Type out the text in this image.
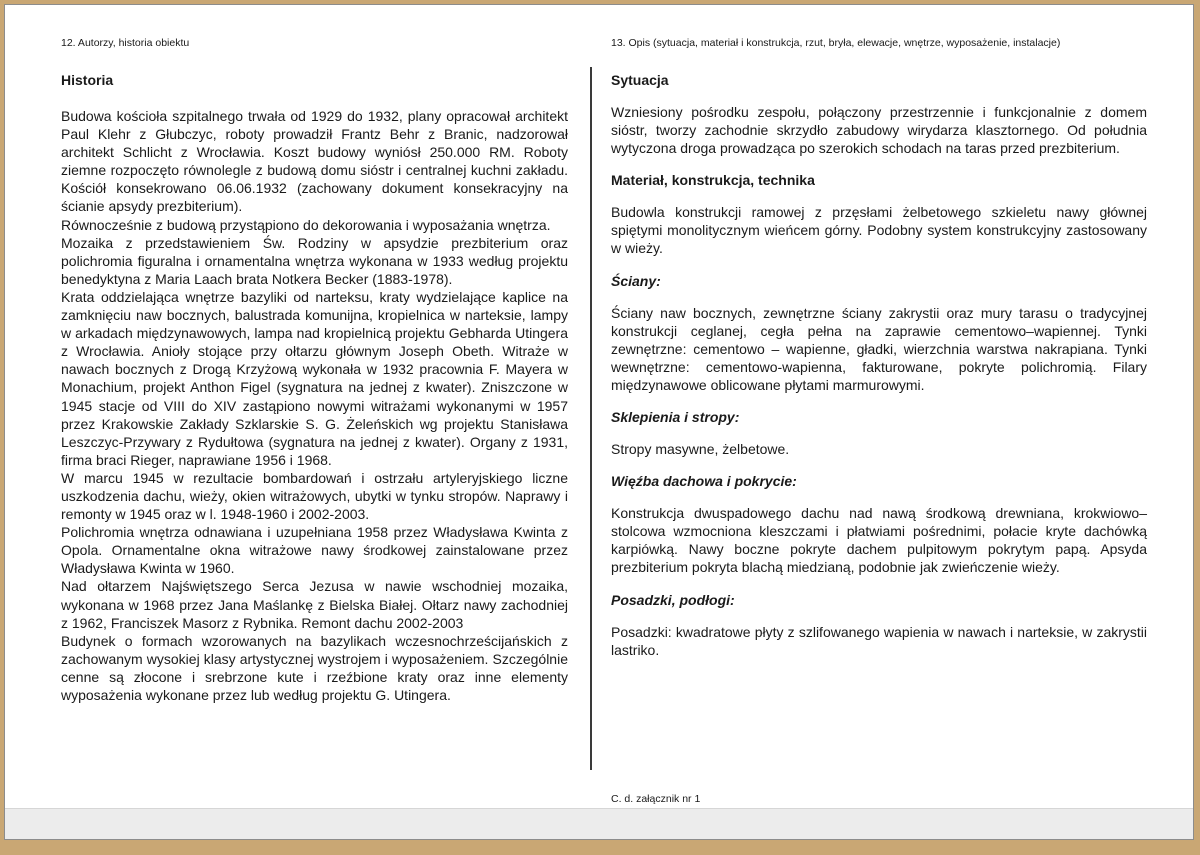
12. Autorzy, historia obiektu
Historia

Budowa kościoła szpitalnego trwała od 1929 do 1932, plany opracował architekt Paul Klehr z Głubczyc, roboty prowadził Frantz Behr z Branic, nadzorował architekt Schlicht z Wrocławia. Koszt budowy wyniósł 250.000 RM. Roboty ziemne rozpoczęto równolegle z budową domu sióstr i centralnej kuchni zakładu. Kościół konsekrowano 06.06.1932 (zachowany dokument konsekracyjny na ścianie apsydy prezbiterium).

Równocześnie z budową przystąpiono do dekorowania i wyposażania wnętrza.

Mozaika z przedstawieniem Św. Rodziny w apsydzie prezbiterium oraz polichromia figuralna i ornamentalna wnętrza wykonana w 1933 według projektu benedyktyna z Maria Laach brata Notkera Becker (1883-1978).

Krata oddzielająca wnętrze bazyliki od narteksu, kraty wydzielające kaplice na zamknięciu naw bocznych, balustrada komunijna, kropielnica w narteksie, lampy w arkadach międzynawowych, lampa nad kropielnicą projektu Gebharda Utingera z Wrocławia. Anioły stojące przy ołtarzu głównym Joseph Obeth. Witraże w nawach bocznych z Drogą Krzyżową wykonała w 1932 pracownia F. Mayera w Monachium, projekt Anthon Figel (sygnatura na jednej z kwater). Zniszczone w 1945 stacje od VIII do XIV zastąpiono nowymi witrażami wykonanymi w 1957 przez Krakowskie Zakłady Szklarskie S. G. Żeleńskich wg projektu Stanisława Leszczyc-Przywary z Rydułtowa (sygnatura na jednej z kwater). Organy z 1931, firma braci Rieger, naprawiane 1956 i 1968.

W marcu 1945 w rezultacie bombardowań i ostrzału artyleryjskiego liczne uszkodzenia dachu, wieży, okien witrażowych, ubytki w tynku stropów. Naprawy i remonty w 1945 oraz w l. 1948-1960 i 2002-2003.

Polichromia wnętrza odnawiana i uzupełniana 1958 przez Władysława Kwinta z Opola. Ornamentalne okna witrażowe nawy środkowej zainstalowane przez Władysława Kwinta w 1960.

Nad ołtarzem Najświętszego Serca Jezusa w nawie wschodniej mozaika, wykonana w 1968 przez Jana Maślankę z Bielska Białej. Ołtarz nawy zachodniej z 1962, Franciszek Masorz z Rybnika. Remont dachu 2002-2003

Budynek o formach wzorowanych na bazylikach wczesnochrześcijańskich z zachowanym wysokiej klasy artystycznej wystrojem i wyposażeniem. Szczególnie cenne są złocone i srebrzone kute i rzeźbione kraty oraz inne elementy wyposażenia wykonane przez lub według projektu G. Utingera.

13. Opis (sytuacja, materiał i konstrukcja, rzut, bryła, elewacje, wnętrze, wyposażenie, instalacje)
Sytuacja

Wzniesiony pośrodku zespołu, połączony przestrzennie i funkcjonalnie z domem sióstr, tworzy zachodnie skrzydło zabudowy wirydarza klasztornego. Od południa wytyczona droga prowadząca po szerokich schodach na taras przed prezbiterium.

Materiał, konstrukcja, technika

Budowla konstrukcji ramowej z przęsłami żelbetowego szkieletu nawy głównej spiętymi monolitycznym wieńcem górny. Podobny system konstrukcyjny zastosowany w wieży.

Ściany:

Ściany naw bocznych, zewnętrzne ściany zakrystii oraz mury tarasu o tradycyjnej konstrukcji ceglanej, cegła pełna na zaprawie cementowo–wapiennej. Tynki zewnętrzne: cementowo – wapienne, gładki, wierzchnia warstwa nakrapiana. Tynki wewnętrzne: cementowo-wapienna, fakturowane, pokryte polichromią. Filary międzynawowe oblicowane płytami marmurowymi.

Sklepienia i stropy:

Stropy masywne, żelbetowe.

Więźba dachowa i pokrycie:

Konstrukcja dwuspadowego dachu nad nawą środkową drewniana, krokwiowo–stolcowa wzmocniona kleszczami i płatwiami pośrednimi, połacie kryte dachówką karpiówką. Nawy boczne pokryte dachem pulpitowym pokrytym papą. Apsyda prezbiterium pokryta blachą miedzianą, podobnie jak zwieńczenie wieży.

Posadzki, podłogi:

Posadzki: kwadratowe płyty z szlifowanego wapienia w nawach i narteksie, w zakrystii lastriko.

C. d. załącznik nr 1
